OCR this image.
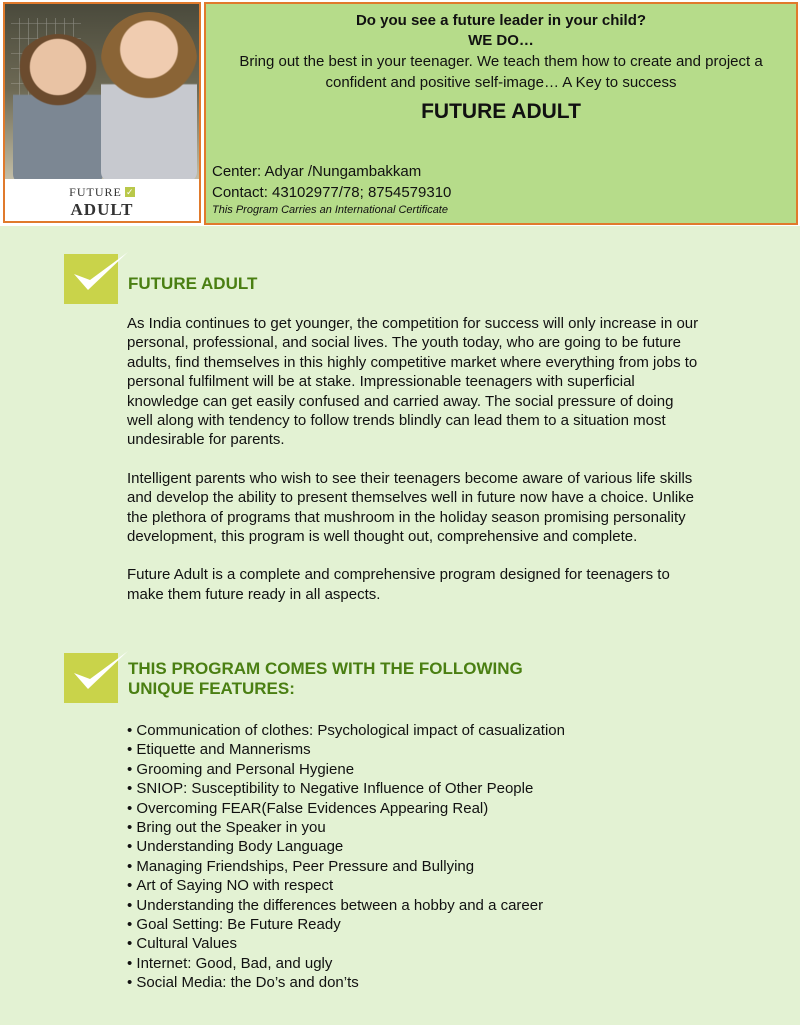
FUTURE ✓
ADULT
Do you see a future leader in your child?
WE DO…
Bring out the best in your teenager. We teach them how to create and project a confident and positive self-image… A Key to success
FUTURE ADULT
Center: Adyar /Nungambakkam
Contact: 43102977/78; 8754579310
This Program Carries an International Certificate
FUTURE ADULT

As India continues to get younger, the competition for success will only increase in our personal, professional, and social lives. The youth today, who are going to be future adults, find themselves in this highly competitive market where everything from jobs to personal fulfilment will be at stake. Impressionable teenagers with superficial knowledge can get easily confused and carried away. The social pressure of doing well along with tendency to follow trends blindly can lead them to a situation most undesirable for parents.

Intelligent parents who wish to see their teenagers become aware of various life skills and develop the ability to present themselves well in future now have a choice. Unlike the plethora of programs that mushroom in the holiday season promising personality development, this program is well thought out, comprehensive and complete.

Future Adult is a complete and comprehensive program designed for teenagers to make them future ready in all aspects.

THIS PROGRAM COMES WITH THE FOLLOWING
UNIQUE FEATURES:
• Communication of clothes: Psychological impact of casualization
• Etiquette and Mannerisms
• Grooming and Personal Hygiene
• SNIOP: Susceptibility to Negative Influence of Other People
• Overcoming FEAR(False Evidences Appearing Real)
• Bring out the Speaker in you
• Understanding Body Language
• Managing Friendships, Peer Pressure and Bullying
• Art of Saying NO with respect
• Understanding the differences between a hobby and a career
• Goal Setting: Be Future Ready
• Cultural Values
• Internet: Good, Bad, and ugly
• Social Media: the Do’s and don’ts
